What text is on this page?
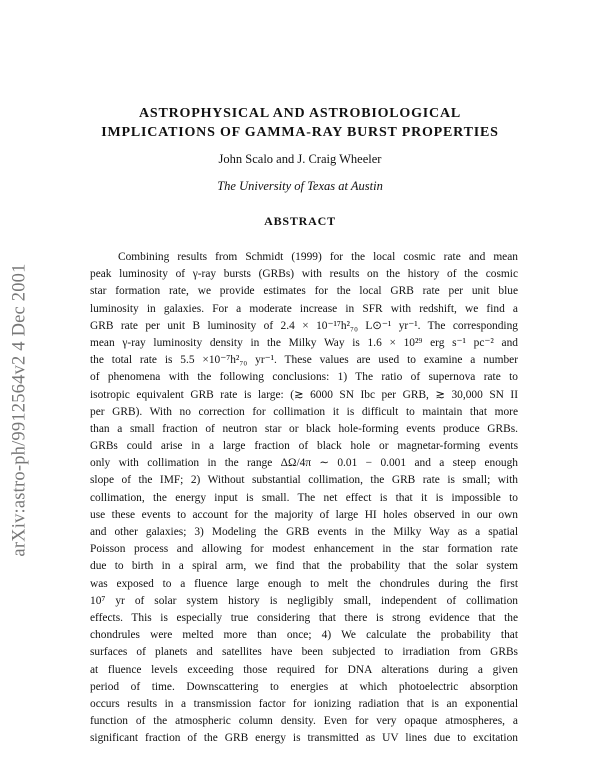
arXiv:astro-ph/9912564v2 4 Dec 2001
ASTROPHYSICAL AND ASTROBIOLOGICAL
IMPLICATIONS OF GAMMA-RAY BURST PROPERTIES
John Scalo and J. Craig Wheeler
The University of Texas at Austin
ABSTRACT
Combining results from Schmidt (1999) for the local cosmic rate and mean
peak luminosity of γ-ray bursts (GRBs) with results on the history of the cosmic
star formation rate, we provide estimates for the local GRB rate per unit blue
luminosity in galaxies. For a moderate increase in SFR with redshift, we find a
GRB rate per unit B luminosity of 2.4 × 10⁻¹⁷h²₇₀ L⊙⁻¹ yr⁻¹. The corresponding
mean γ-ray luminosity density in the Milky Way is 1.6 × 10²⁹ erg s⁻¹ pc⁻² and
the total rate is 5.5 ×10⁻⁷h²₇₀ yr⁻¹. These values are used to examine a number
of phenomena with the following conclusions: 1) The ratio of supernova rate to
isotropic equivalent GRB rate is large: (≳ 6000 SN Ibc per GRB, ≳ 30,000 SN II
per GRB). With no correction for collimation it is difficult to maintain that more
than a small fraction of neutron star or black hole-forming events produce GRBs.
GRBs could arise in a large fraction of black hole or magnetar-forming events
only with collimation in the range ΔΩ/4π ∼ 0.01 − 0.001 and a steep enough
slope of the IMF; 2) Without substantial collimation, the GRB rate is small; with
collimation, the energy input is small. The net effect is that it is impossible to
use these events to account for the majority of large HI holes observed in our own
and other galaxies; 3) Modeling the GRB events in the Milky Way as a spatial
Poisson process and allowing for modest enhancement in the star formation rate
due to birth in a spiral arm, we find that the probability that the solar system
was exposed to a fluence large enough to melt the chondrules during the first
10⁷ yr of solar system history is negligibly small, independent of collimation
effects. This is especially true considering that there is strong evidence that the
chondrules were melted more than once; 4) We calculate the probability that
surfaces of planets and satellites have been subjected to irradiation from GRBs
at fluence levels exceeding those required for DNA alterations during a given
period of time. Downscattering to energies at which photoelectric absorption
occurs results in a transmission factor for ionizing radiation that is an exponential
function of the atmospheric column density. Even for very opaque atmospheres, a
significant fraction of the GRB energy is transmitted as UV lines due to excitation
